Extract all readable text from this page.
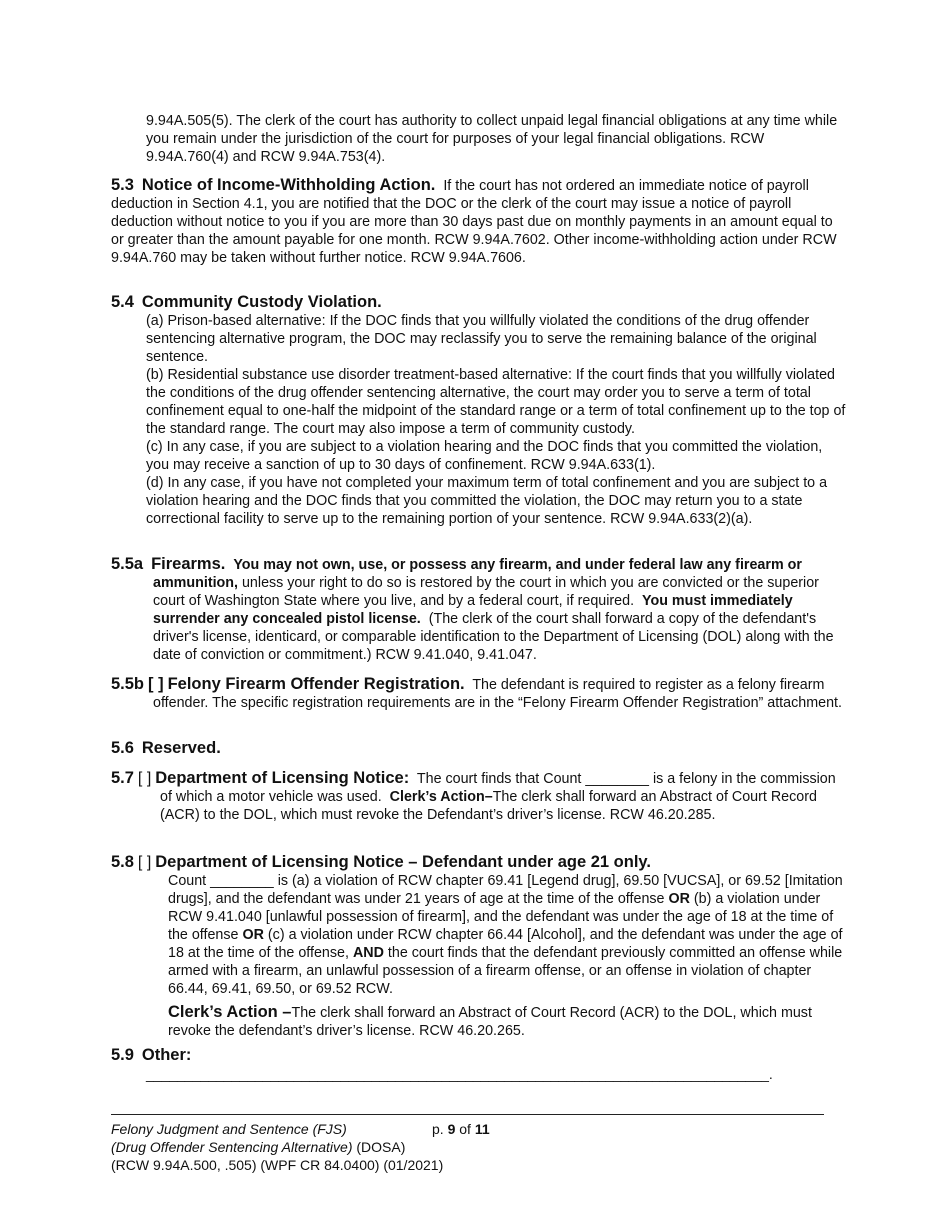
9.94A.505(5). The clerk of the court has authority to collect unpaid legal financial obligations at any time while you remain under the jurisdiction of the court for purposes of your legal financial obligations. RCW 9.94A.760(4) and RCW 9.94A.753(4).

5.3 Notice of Income-Withholding Action. If the court has not ordered an immediate notice of payroll deduction in Section 4.1, you are notified that the DOC or the clerk of the court may issue a notice of payroll deduction without notice to you if you are more than 30 days past due on monthly payments in an amount equal to or greater than the amount payable for one month. RCW 9.94A.7602. Other income-withholding action under RCW 9.94A.760 may be taken without further notice. RCW 9.94A.7606.
5.4 Community Custody Violation.

(a) Prison-based alternative: If the DOC finds that you willfully violated the conditions of the drug offender sentencing alternative program, the DOC may reclassify you to serve the remaining balance of the original sentence.

(b) Residential substance use disorder treatment-based alternative: If the court finds that you willfully violated the conditions of the drug offender sentencing alternative, the court may order you to serve a term of total confinement equal to one-half the midpoint of the standard range or a term of total confinement up to the top of the standard range. The court may also impose a term of community custody.

(c) In any case, if you are subject to a violation hearing and the DOC finds that you committed the violation, you may receive a sanction of up to 30 days of confinement. RCW 9.94A.633(1).

(d) In any case, if you have not completed your maximum term of total confinement and you are subject to a violation hearing and the DOC finds that you committed the violation, the DOC may return you to a state correctional facility to serve up to the remaining portion of your sentence. RCW 9.94A.633(2)(a).

5.5a Firearms. You may not own, use, or possess any firearm, and under federal law any firearm or ammunition, unless your right to do so is restored by the court in which you are convicted or the superior court of Washington State where you live, and by a federal court, if required. You must immediately surrender any concealed pistol license. (The clerk of the court shall forward a copy of the defendant's driver's license, identicard, or comparable identification to the Department of Licensing (DOL) along with the date of conviction or commitment.) RCW 9.41.040, 9.41.047.
5.5b [ ] Felony Firearm Offender Registration. The defendant is required to register as a felony firearm offender. The specific registration requirements are in the “Felony Firearm Offender Registration” attachment.
5.6 Reserved.
5.7 [ ] Department of Licensing Notice: The court finds that Count ________ is a felony in the commission of which a motor vehicle was used. Clerk’s Action–The clerk shall forward an Abstract of Court Record (ACR) to the DOL, which must revoke the Defendant’s driver’s license. RCW 46.20.285.
5.8 [ ] Department of Licensing Notice – Defendant under age 21 only.

Count ________ is (a) a violation of RCW chapter 69.41 [Legend drug], 69.50 [VUCSA], or 69.52 [Imitation drugs], and the defendant was under 21 years of age at the time of the offense OR (b) a violation under RCW 9.41.040 [unlawful possession of firearm], and the defendant was under the age of 18 at the time of the offense OR (c) a violation under RCW chapter 66.44 [Alcohol], and the defendant was under the age of 18 at the time of the offense, AND the court finds that the defendant previously committed an offense while armed with a firearm, an unlawful possession of a firearm offense, or an offense in violation of chapter 66.44, 69.41, 69.50, or 69.52 RCW.

Clerk’s Action –The clerk shall forward an Abstract of Court Record (ACR) to the DOL, which must revoke the defendant’s driver’s license. RCW 46.20.265.

5.9 Other:
________________________________________________________________________________.
Felony Judgment and Sentence (FJS)
(Drug Offender Sentencing Alternative) (DOSA)
(RCW 9.94A.500, .505) (WPF CR 84.0400) (01/2021)
p. 9 of 11
